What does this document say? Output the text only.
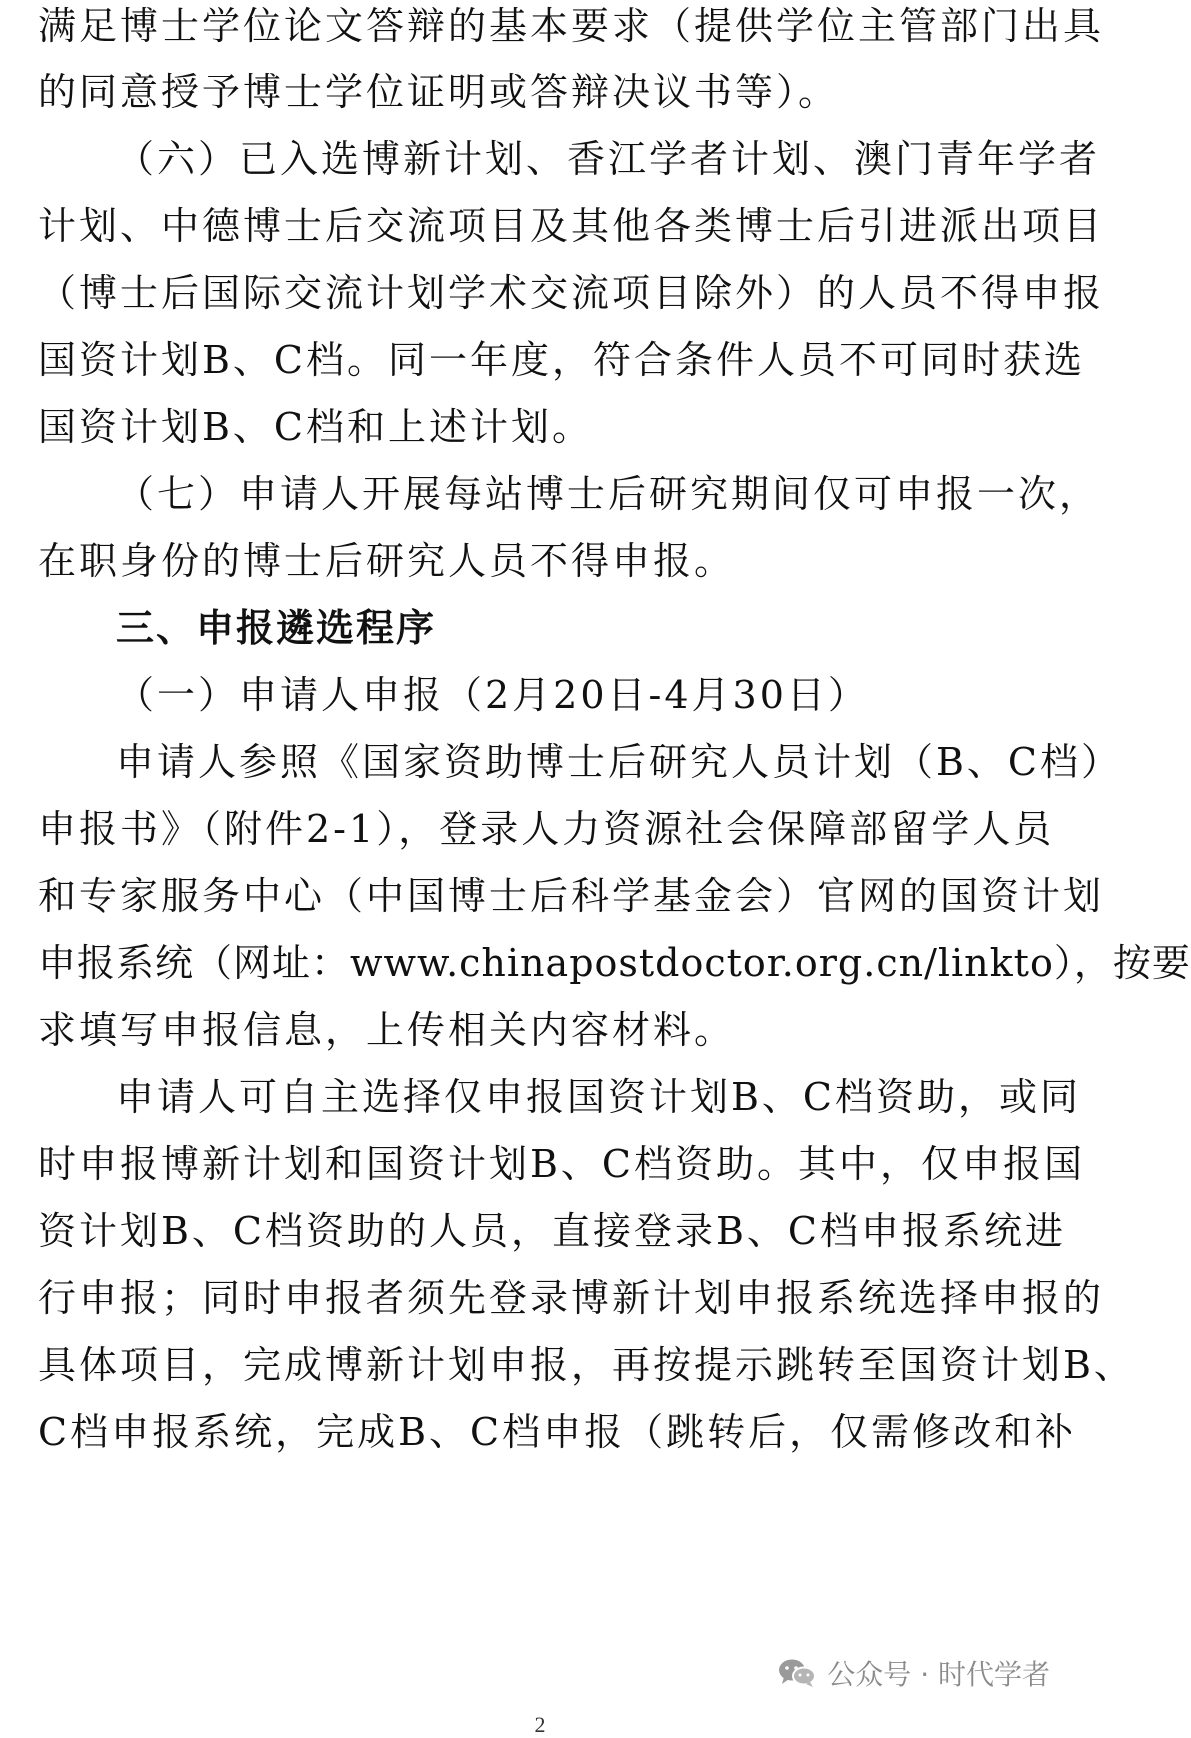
满足博士学位论文答辩的基本要求（提供学位主管部门出具
的同意授予博士学位证明或答辩决议书等）。
（六）已入选博新计划、香江学者计划、澳门青年学者
计划、中德博士后交流项目及其他各类博士后引进派出项目
（博士后国际交流计划学术交流项目除外）的人员不得申报
国资计划B、C档。同一年度，符合条件人员不可同时获选
国资计划B、C档和上述计划。
（七）申请人开展每站博士后研究期间仅可申报一次，
在职身份的博士后研究人员不得申报。
三、申报遴选程序
（一）申请人申报（2月20日-4月30日）
申请人参照《国家资助博士后研究人员计划（B、C档）
申报书》（附件2-1），登录人力资源社会保障部留学人员
和专家服务中心（中国博士后科学基金会）官网的国资计划
申报系统（网址：www.chinapostdoctor.org.cn/linkto），按要
求填写申报信息，上传相关内容材料。
申请人可自主选择仅申报国资计划B、C档资助，或同
时申报博新计划和国资计划B、C档资助。其中，仅申报国
资计划B、C档资助的人员，直接登录B、C档申报系统进
行申报；同时申报者须先登录博新计划申报系统选择申报的
具体项目，完成博新计划申报，再按提示跳转至国资计划B、
C档申报系统，完成B、C档申报（跳转后，仅需修改和补
公众号 · 时代学者
2
